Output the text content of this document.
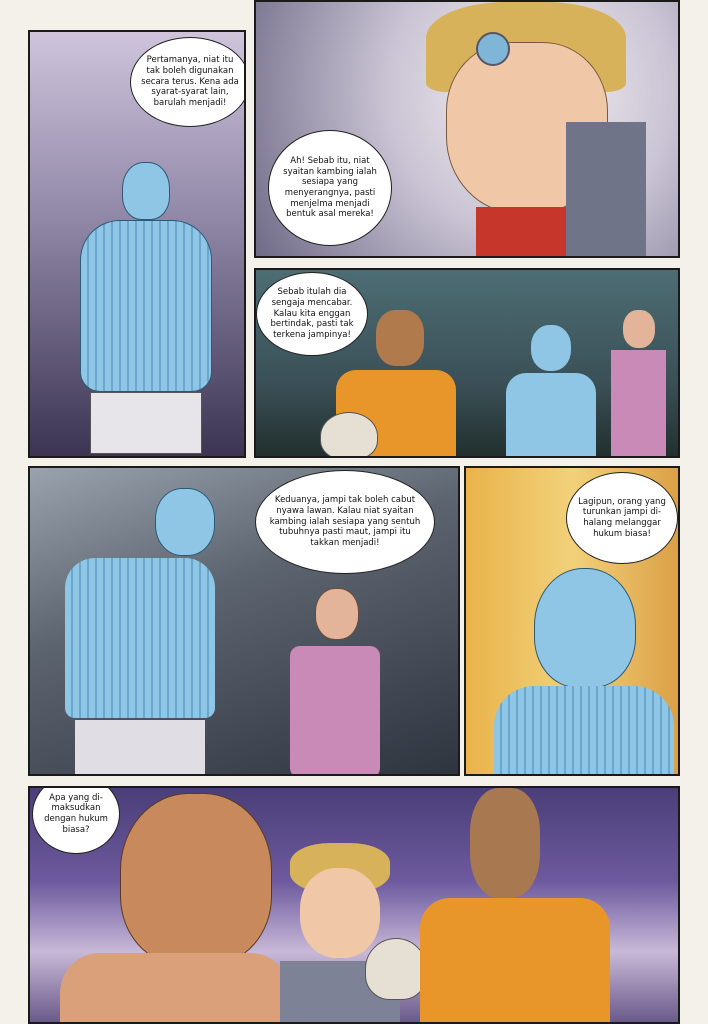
Pertamanya, niat itu tak boleh digunakan secara terus. Kena ada syarat-syarat lain, barulah menjadi!
Ah! Sebab itu, niat syaitan kambing ialah sesiapa yang menyerangnya, pasti menjelma menjadi bentuk asal mereka!
Sebab itulah dia sengaja mencabar. Kalau kita enggan bertindak, pasti tak terkena jampinya!
Keduanya, jampi tak boleh cabut nyawa lawan. Kalau niat syaitan kambing ialah sesiapa yang sentuh tubuhnya pasti maut, jampi itu takkan menjadi!
Lagipun, orang yang turunkan jampi di-halang melanggar hukum biasa!
Apa yang di-maksudkan dengan hukum biasa?
